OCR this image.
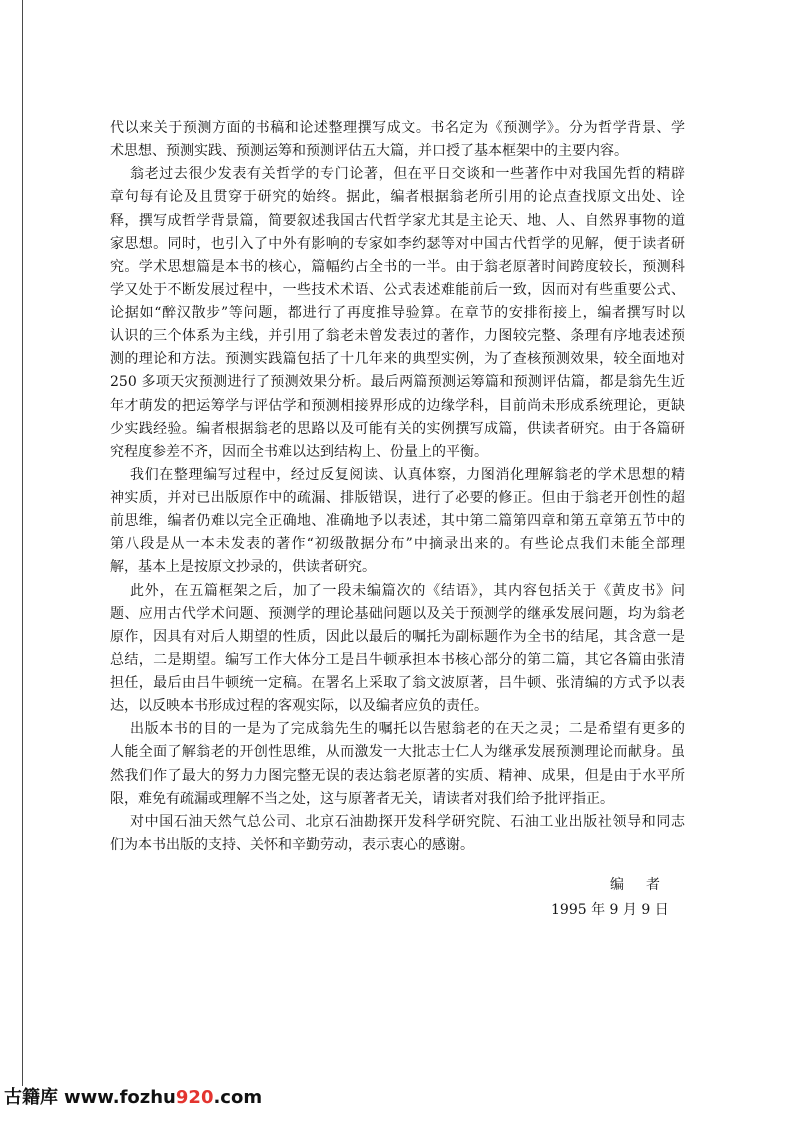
代以来关于预测方面的书稿和论述整理撰写成文。书名定为《预测学》。分为哲学背景、学
术思想、预测实践、预测运筹和预测评估五大篇，并口授了基本框架中的主要内容。
翁老过去很少发表有关哲学的专门论著，但在平日交谈和一些著作中对我国先哲的精辟
章句每有论及且贯穿于研究的始终。据此，编者根据翁老所引用的论点查找原文出处、诠
释，撰写成哲学背景篇，简要叙述我国古代哲学家尤其是主论天、地、人、自然界事物的道
家思想。同时，也引入了中外有影响的专家如李约瑟等对中国古代哲学的见解，便于读者研
究。学术思想篇是本书的核心，篇幅约占全书的一半。由于翁老原著时间跨度较长，预测科
学又处于不断发展过程中，一些技术术语、公式表述难能前后一致，因而对有些重要公式、
论据如“醉汉散步”等问题，都进行了再度推导验算。在章节的安排衔接上，编者撰写时以
认识的三个体系为主线，并引用了翁老未曾发表过的著作，力图较完整、条理有序地表述预
测的理论和方法。预测实践篇包括了十几年来的典型实例，为了查核预测效果，较全面地对
250 多项天灾预测进行了预测效果分析。最后两篇预测运筹篇和预测评估篇，都是翁先生近
年才萌发的把运筹学与评估学和预测相接界形成的边缘学科，目前尚未形成系统理论，更缺
少实践经验。编者根据翁老的思路以及可能有关的实例撰写成篇，供读者研究。由于各篇研
究程度参差不齐，因而全书难以达到结构上、份量上的平衡。
我们在整理编写过程中，经过反复阅读、认真体察，力图消化理解翁老的学术思想的精
神实质，并对已出版原作中的疏漏、排版错误，进行了必要的修正。但由于翁老开创性的超
前思维，编者仍难以完全正确地、准确地予以表述，其中第二篇第四章和第五章第五节中的
第八段是从一本未发表的著作“初级散据分布”中摘录出来的。有些论点我们未能全部理
解，基本上是按原文抄录的，供读者研究。
此外，在五篇框架之后，加了一段未编篇次的《结语》，其内容包括关于《黄皮书》问
题、应用古代学术问题、预测学的理论基础问题以及关于预测学的继承发展问题，均为翁老
原作，因具有对后人期望的性质，因此以最后的嘱托为副标题作为全书的结尾，其含意一是
总结，二是期望。编写工作大体分工是吕牛顿承担本书核心部分的第二篇，其它各篇由张清
担任，最后由吕牛顿统一定稿。在署名上采取了翁文波原著，吕牛顿、张清编的方式予以表
达，以反映本书形成过程的客观实际，以及编者应负的责任。
出版本书的目的一是为了完成翁先生的嘱托以告慰翁老的在天之灵；二是希望有更多的
人能全面了解翁老的开创性思维，从而激发一大批志士仁人为继承发展预测理论而献身。虽
然我们作了最大的努力力图完整无误的表达翁老原著的实质、精神、成果，但是由于水平所
限，难免有疏漏或理解不当之处，这与原著者无关，请读者对我们给予批评指正。
对中国石油天然气总公司、北京石油勘探开发科学研究院、石油工业出版社领导和同志
们为本书出版的支持、关怀和辛勤劳动，表示衷心的感谢。
编　者
1995 年 9 月 9 日
古籍库 www.fozhu920.com
